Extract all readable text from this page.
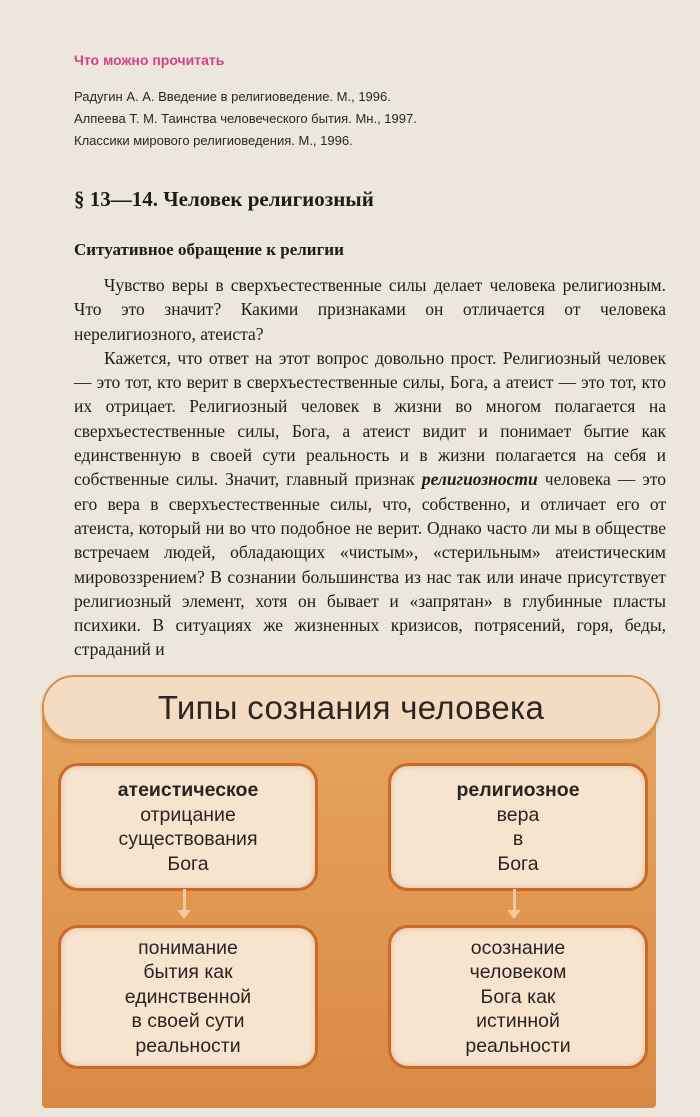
Что можно прочитать
Радугин А. А. Введение в религиоведение. М., 1996.
Алпеева Т. М. Таинства человеческого бытия. Мн., 1997.
Классики мирового религиоведения. М., 1996.
§ 13—14. Человек религиозный
Ситуативное обращение к религии

Чувство веры в сверхъестественные силы делает человека религиозным. Что это значит? Какими признаками он отличается от человека нерелигиозного, атеиста?

Кажется, что ответ на этот вопрос довольно прост. Религиозный человек — это тот, кто верит в сверхъестественные силы, Бога, а атеист — это тот, кто их отрицает. Религиозный человек в жизни во многом полагается на сверхъестественные силы, Бога, а атеист видит и понимает бытие как единственную в своей сути реальность и в жизни полагается на себя и собственные силы. Значит, главный признак религиозности человека — это его вера в сверхъестественные силы, что, собственно, и отличает его от атеиста, который ни во что подобное не верит. Однако часто ли мы в обществе встречаем людей, обладающих «чистым», «стерильным» атеистическим мировоззрением? В сознании большинства из нас так или иначе присутствует религиозный элемент, хотя он бывает и «запрятан» в глубинные пласты психики. В ситуациях же жизненных кризисов, потрясений, горя, беды, страданий и

Типы сознания человека
атеистическое
отрицание
существования
Бога
религиозное
вера
в
Бога
понимание
бытия как
единственной
в своей сути
реальности
осознание
человеком
Бога как
истинной
реальности
